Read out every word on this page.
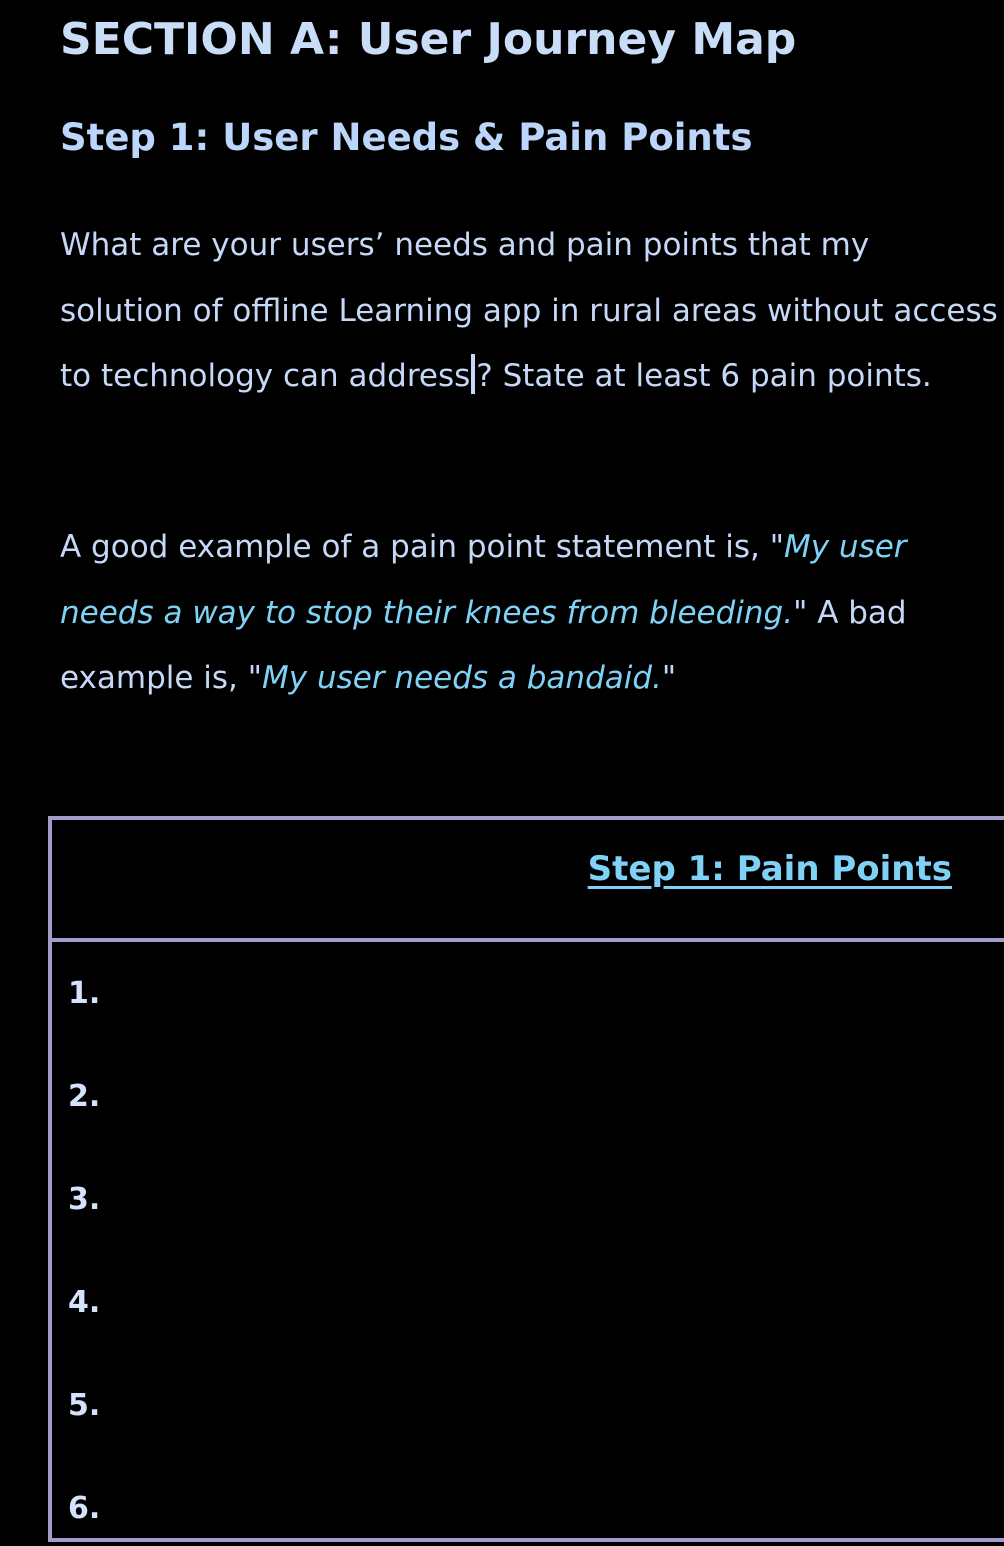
SECTION A: User Journey Map
Step 1: User Needs & Pain Points

What are your users’ needs and pain points that my solution of offline Learning app in rural areas without access to technology can address ? State at least 6 pain points.

A good example of a pain point statement is, "My user needs a way to stop their knees from bleeding." A bad example is, "My user needs a bandaid."

Step 1: Pain Points
1.
2.
3.
4.
5.
6.
